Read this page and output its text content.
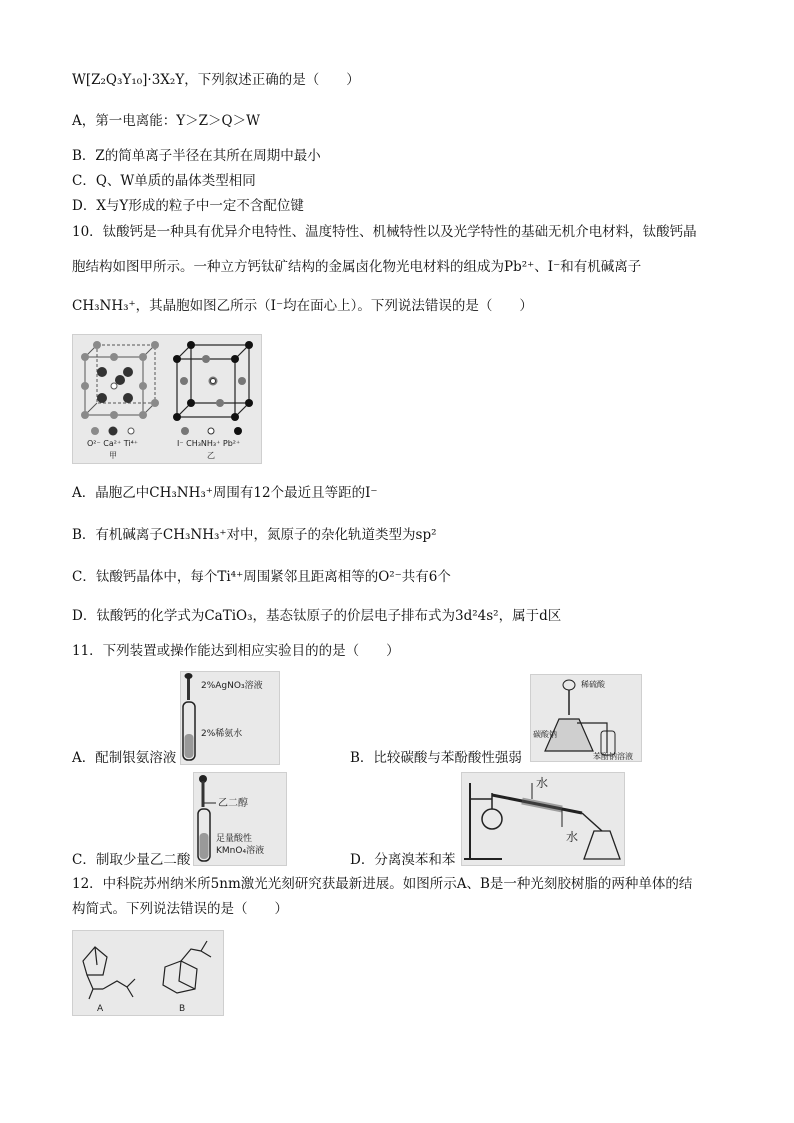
W[Z₂Q₃Y₁₀]·3X₂Y，下列叙述正确的是（　　）
A，第一电离能：Y＞Z＞Q＞W
B．Z的简单离子半径在其所在周期中最小
C．Q、W单质的晶体类型相同
D．X与Y形成的粒子中一定不含配位键
10．钛酸钙是一种具有优异介电特性、温度特性、机械特性以及光学特性的基础无机介电材料，钛酸钙晶
胞结构如图甲所示。一种立方钙钛矿结构的金属卤化物光电材料的组成为Pb²⁺、I⁻和有机碱离子
CH₃NH₃⁺，其晶胞如图乙所示（I⁻均在面心上）。下列说法错误的是（　　）
O²⁻ Ca²⁺ Ti⁴⁺
甲
I⁻ CH₃NH₃⁺ Pb²⁺
乙
A．晶胞乙中CH₃NH₃⁺周围有12个最近且等距的I⁻
B．有机碱离子CH₃NH₃⁺对中，氮原子的杂化轨道类型为sp²
C．钛酸钙晶体中，每个Ti⁴⁺周围紧邻且距离相等的O²⁻共有6个
D．钛酸钙的化学式为CaTiO₃，基态钛原子的价层电子排布式为3d²4s²，属于d区
11．下列装置或操作能达到相应实验目的的是（　　）
2%AgNO₃溶液
2%稀氨水
A．配制银氨溶液
稀硫酸
碳酸钠
苯酚钠溶液
B．比较碳酸与苯酚酸性强弱
乙二醇
足量酸性
KMnO₄溶液
C．制取少量乙二酸
水
水
D．分离溴苯和苯
12．中科院苏州纳米所5nm激光光刻研究获最新进展。如图所示A、B是一种光刻胶树脂的两种单体的结
构简式。下列说法错误的是（　　）
A	B
